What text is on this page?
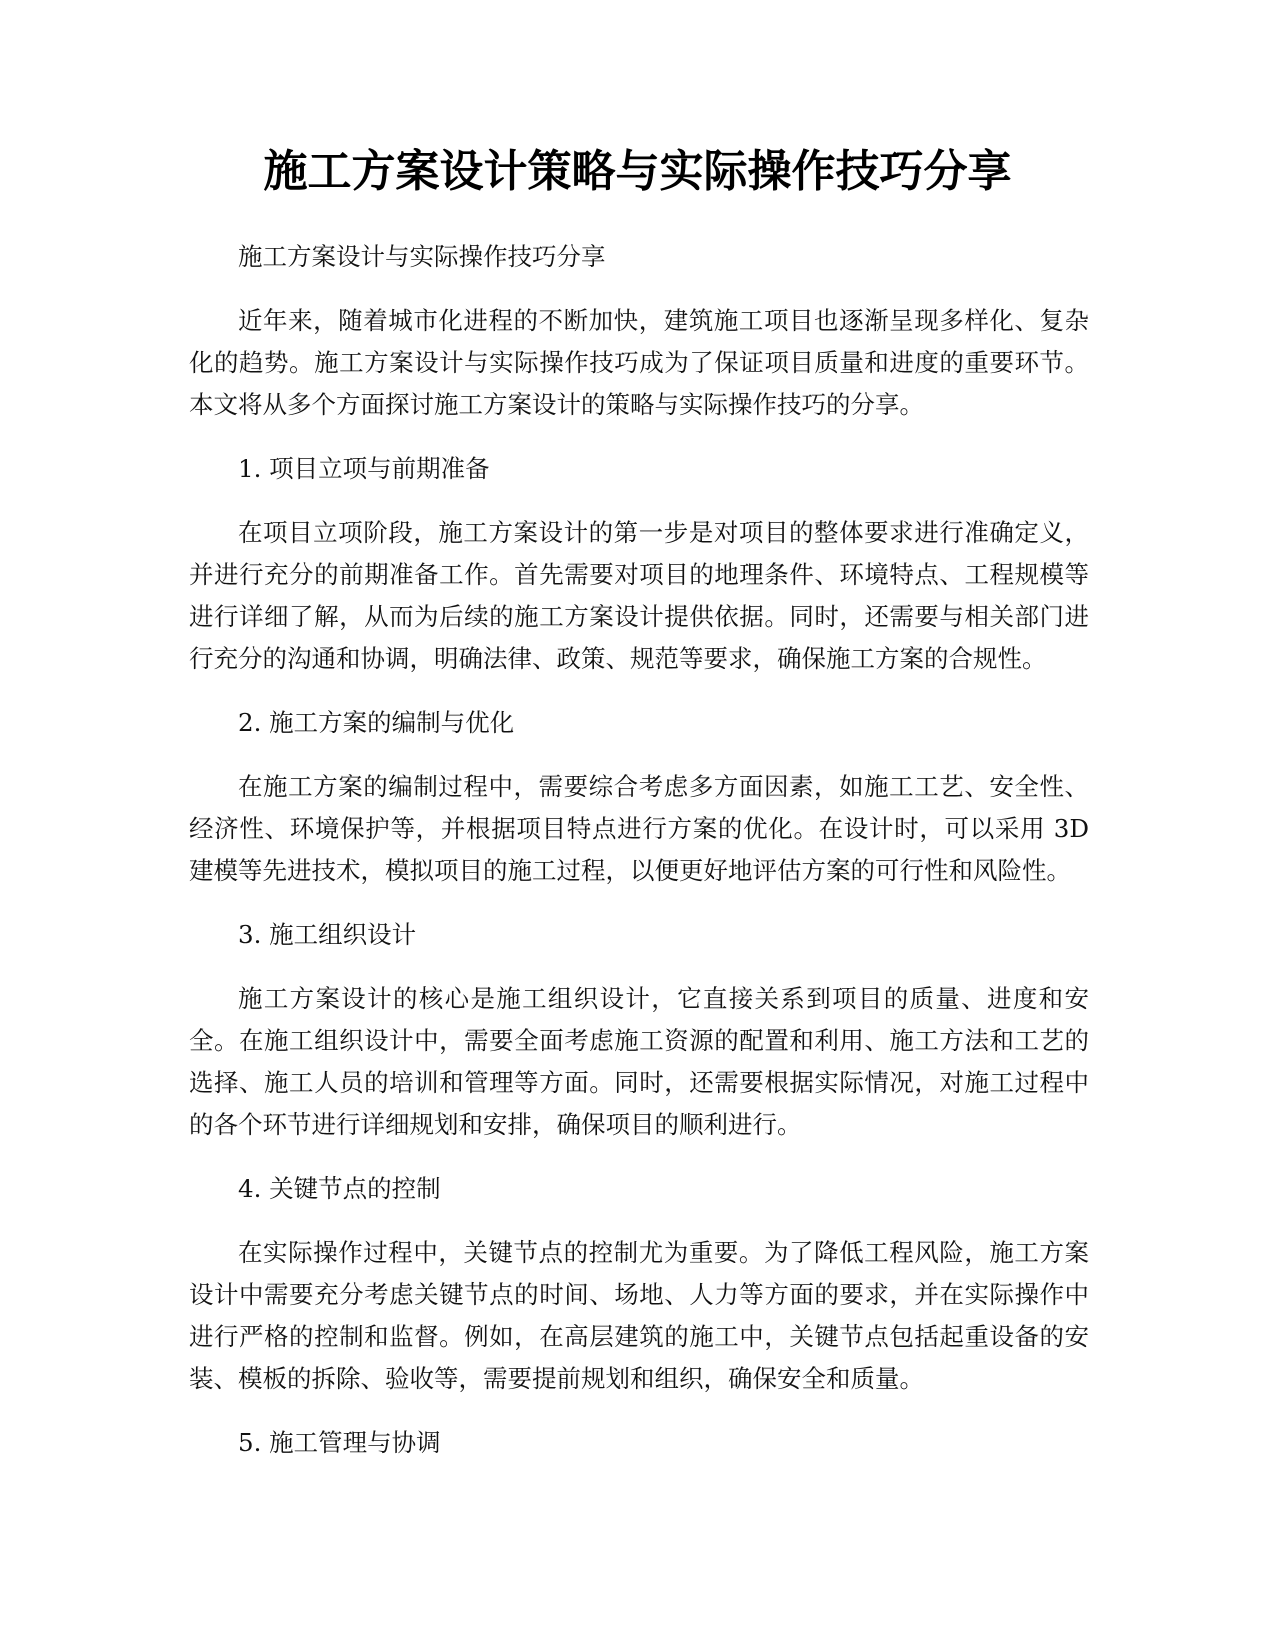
施工方案设计策略与实际操作技巧分享

施工方案设计与实际操作技巧分享

近年来，随着城市化进程的不断加快，建筑施工项目也逐渐呈现多样化、复杂化的趋势。施工方案设计与实际操作技巧成为了保证项目质量和进度的重要环节。本文将从多个方面探讨施工方案设计的策略与实际操作技巧的分享。

1. 项目立项与前期准备

在项目立项阶段，施工方案设计的第一步是对项目的整体要求进行准确定义，并进行充分的前期准备工作。首先需要对项目的地理条件、环境特点、工程规模等进行详细了解，从而为后续的施工方案设计提供依据。同时，还需要与相关部门进行充分的沟通和协调，明确法律、政策、规范等要求，确保施工方案的合规性。

2. 施工方案的编制与优化

在施工方案的编制过程中，需要综合考虑多方面因素，如施工工艺、安全性、经济性、环境保护等，并根据项目特点进行方案的优化。在设计时，可以采用 3D 建模等先进技术，模拟项目的施工过程，以便更好地评估方案的可行性和风险性。

3. 施工组织设计

施工方案设计的核心是施工组织设计，它直接关系到项目的质量、进度和安全。在施工组织设计中，需要全面考虑施工资源的配置和利用、施工方法和工艺的选择、施工人员的培训和管理等方面。同时，还需要根据实际情况，对施工过程中的各个环节进行详细规划和安排，确保项目的顺利进行。

4. 关键节点的控制

在实际操作过程中，关键节点的控制尤为重要。为了降低工程风险，施工方案设计中需要充分考虑关键节点的时间、场地、人力等方面的要求，并在实际操作中进行严格的控制和监督。例如，在高层建筑的施工中，关键节点包括起重设备的安装、模板的拆除、验收等，需要提前规划和组织，确保安全和质量。

5. 施工管理与协调
